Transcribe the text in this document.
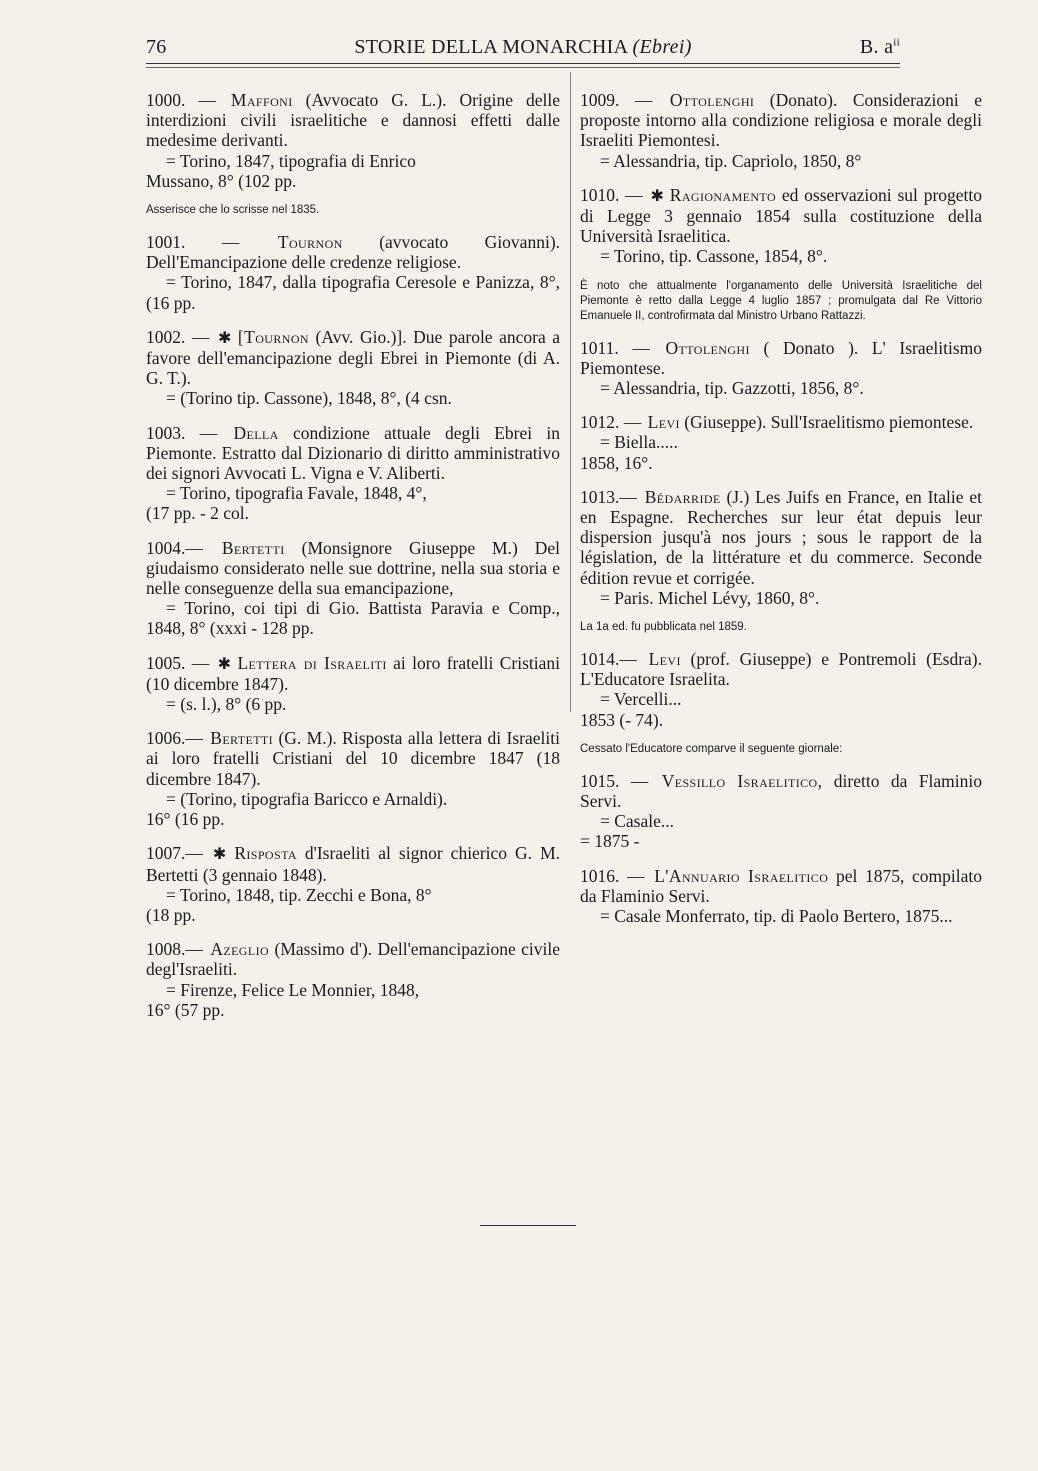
76	STORIE DELLA MONARCHIA (Ebrei)	B. $a^{ii}$
1000. — Maffoni (Avvocato G. L.). Origine delle interdizioni civili israelitiche e dannosi effetti dalle medesime derivanti.
= Torino, 1847, tipografia di Enrico
Mussano, 8° (102 pp.
Asserisce che lo scrisse nel 1835.
1001. — Tournon (avvocato Giovanni). Dell'Emancipazione delle credenze religiose.
= Torino, 1847, dalla tipografia Ceresole e Panizza, 8°, (16 pp.
1002. — ✱ [Tournon (Avv. Gio.)]. Due parole ancora a favore dell'emancipazione degli Ebrei in Piemonte (di A. G. T.).
= (Torino tip. Cassone), 1848, 8°, (4 csn.
1003. — Della condizione attuale degli Ebrei in Piemonte. Estratto dal Dizionario di diritto amministrativo dei signori Avvocati L. Vigna e V. Aliberti.
= Torino, tipografia Favale, 1848, 4°,
(17 pp. - 2 col.
1004.— Bertetti (Monsignore Giuseppe M.) Del giudaismo considerato nelle sue dottrine, nella sua storia e nelle conseguenze della sua emancipazione,
= Torino, coi tipi di Gio. Battista Paravia e Comp., 1848, 8° (xxxi - 128 pp.
1005. — ✱ Lettera di Israeliti ai loro fratelli Cristiani (10 dicembre 1847).
= (s. l.), 8° (6 pp.
1006.— Bertetti (G. M.). Risposta alla lettera di Israeliti ai loro fratelli Cristiani del 10 dicembre 1847 (18 dicembre 1847).
= (Torino, tipografia Baricco e Arnaldi).
16° (16 pp.
1007.— ✱ Risposta d'Israeliti al signor chierico G. M. Bertetti (3 gennaio 1848).
= Torino, 1848, tip. Zecchi e Bona, 8°
(18 pp.
1008.— Azeglio (Massimo d'). Dell'emancipazione civile degl'Israeliti.
= Firenze, Felice Le Monnier, 1848,
16° (57 pp.
1009. — Ottolenghi (Donato). Considerazioni e proposte intorno alla condizione religiosa e morale degli Israeliti Piemontesi.
= Alessandria, tip. Capriolo, 1850, 8°
1010. — ✱ Ragionamento ed osservazioni sul progetto di Legge 3 gennaio 1854 sulla costituzione della Università Israelitica.
= Torino, tip. Cassone, 1854, 8°.
È noto che attualmente l'organamento delle Università Israelitiche del Piemonte è retto dalla Legge 4 luglio 1857 ; promulgata dal Re Vittorio Emanuele II, controfirmata dal Ministro Urbano Rattazzi.
1011. — Ottolenghi ( Donato ). L' Israelitismo Piemontese.
= Alessandria, tip. Gazzotti, 1856, 8°.
1012. — Levi (Giuseppe). Sull'Israelitismo piemontese.
= Biella.....
1858, 16°.
1013.— Bédarride (J.) Les Juifs en France, en Italie et en Espagne. Recherches sur leur état depuis leur dispersion jusqu'à nos jours ; sous le rapport de la législation, de la littérature et du commerce. Seconde édition revue et corrigée.
= Paris. Michel Lévy, 1860, 8°.
La 1a ed. fu pubblicata nel 1859.
1014.— Levi (prof. Giuseppe) e Pontremoli (Esdra). L'Educatore Israelita.
= Vercelli...
1853 (- 74).
Cessato l'Educatore comparve il seguente giornale:
1015. — Vessillo Israelitico, diretto da Flaminio Servi.
= Casale...
= 1875 -
1016. — L'Annuario Israelitico pel 1875, compilato da Flaminio Servi.
= Casale Monferrato, tip. di Paolo Bertero, 1875...
